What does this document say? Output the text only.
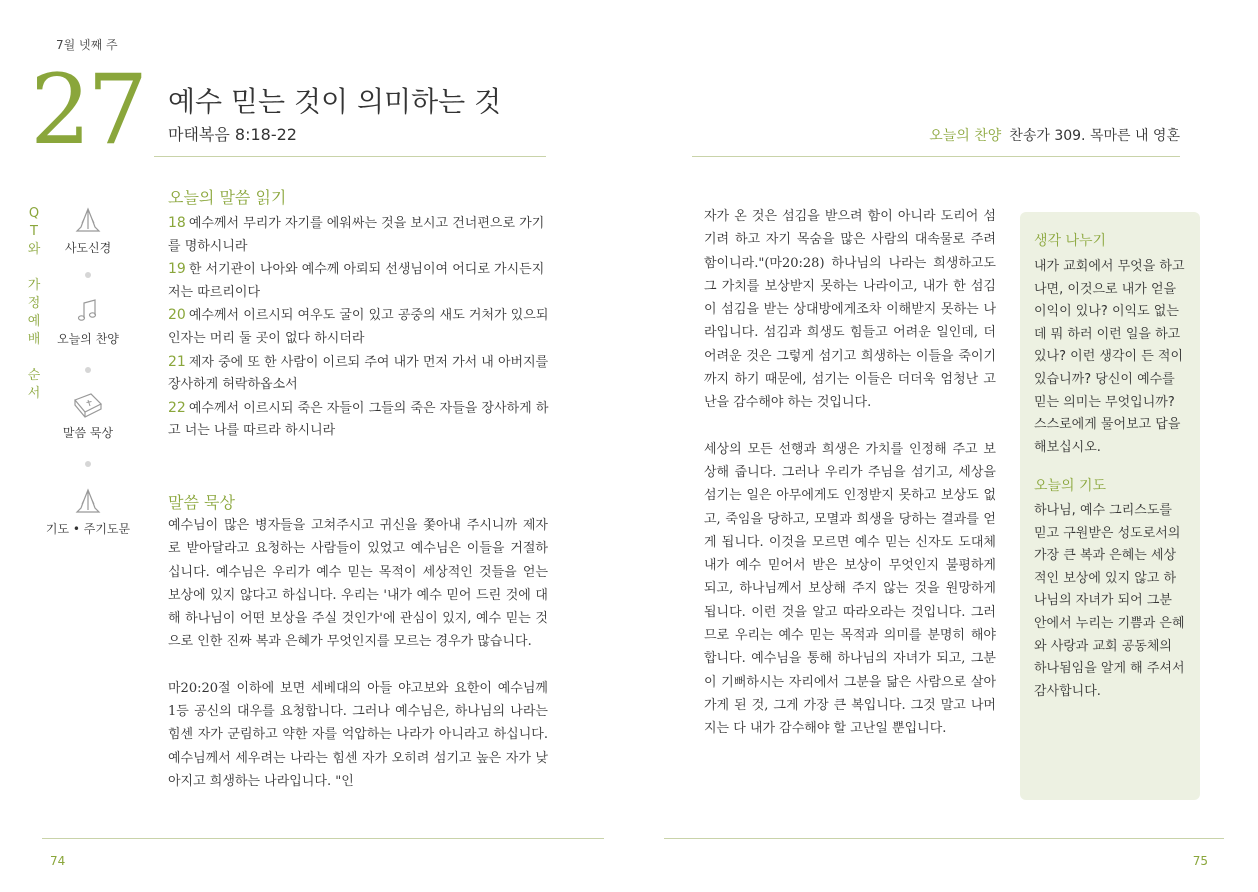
7월 넷째 주
27 예수 믿는 것이 의미하는 것
마태복음 8:18-22	오늘의 찬양 찬송가 309. 목마른 내 영혼
Q
T
와

가
정
예
배

순
서
사도신경
오늘의 찬양
말씀 묵상
기도 • 주기도문
오늘의 말씀 읽기
18 예수께서 무리가 자기를 에워싸는 것을 보시고 건너편으로 가기를 명하시니라
19 한 서기관이 나아와 예수께 아뢰되 선생님이여 어디로 가시든지 저는 따르리이다
20 예수께서 이르시되 여우도 굴이 있고 공중의 새도 거처가 있으되 인자는 머리 둘 곳이 없다 하시더라
21 제자 중에 또 한 사람이 이르되 주여 내가 먼저 가서 내 아버지를 장사하게 허락하옵소서
22 예수께서 이르시되 죽은 자들이 그들의 죽은 자들을 장사하게 하고 너는 나를 따르라 하시니라
말씀 묵상

예수님이 많은 병자들을 고쳐주시고 귀신을 쫓아내 주시니까 제자로 받아달라고 요청하는 사람들이 있었고 예수님은 이들을 거절하십니다. 예수님은 우리가 예수 믿는 목적이 세상적인 것들을 얻는 보상에 있지 않다고 하십니다. 우리는 '내가 예수 믿어 드린 것에 대해 하나님이 어떤 보상을 주실 것인가'에 관심이 있지, 예수 믿는 것으로 인한 진짜 복과 은혜가 무엇인지를 모르는 경우가 많습니다.

마20:20절 이하에 보면 세베대의 아들 야고보와 요한이 예수님께 1등 공신의 대우를 요청합니다. 그러나 예수님은, 하나님의 나라는 힘센 자가 군림하고 약한 자를 억압하는 나라가 아니라고 하십니다. 예수님께서 세우려는 나라는 힘센 자가 오히려 섬기고 높은 자가 낮아지고 희생하는 나라입니다. "인

자가 온 것은 섬김을 받으려 함이 아니라 도리어 섬기려 하고 자기 목숨을 많은 사람의 대속물로 주려 함이니라."(마20:28) 하나님의 나라는 희생하고도 그 가치를 보상받지 못하는 나라이고, 내가 한 섬김이 섬김을 받는 상대방에게조차 이해받지 못하는 나라입니다. 섬김과 희생도 힘들고 어려운 일인데, 더 어려운 것은 그렇게 섬기고 희생하는 이들을 죽이기까지 하기 때문에, 섬기는 이들은 더더욱 엄청난 고난을 감수해야 하는 것입니다.

세상의 모든 선행과 희생은 가치를 인정해 주고 보상해 줍니다. 그러나 우리가 주님을 섬기고, 세상을 섬기는 일은 아무에게도 인정받지 못하고 보상도 없고, 죽임을 당하고, 모멸과 희생을 당하는 결과를 얻게 됩니다. 이것을 모르면 예수 믿는 신자도 도대체 내가 예수 믿어서 받은 보상이 무엇인지 불평하게 되고, 하나님께서 보상해 주지 않는 것을 원망하게 됩니다. 이런 것을 알고 따라오라는 것입니다. 그러므로 우리는 예수 믿는 목적과 의미를 분명히 해야 합니다. 예수님을 통해 하나님의 자녀가 되고, 그분이 기뻐하시는 자리에서 그분을 닮은 사람으로 살아가게 된 것, 그게 가장 큰 복입니다. 그것 말고 나머지는 다 내가 감수해야 할 고난일 뿐입니다.

생각 나누기
내가 교회에서 무엇을 하고 나면, 이것으로 내가 얻을 이익이 있나? 이익도 없는데 뭐 하러 이런 일을 하고 있나? 이런 생각이 든 적이 있습니까? 당신이 예수를 믿는 의미는 무엇입니까? 스스로에게 물어보고 답을 해보십시오.
오늘의 기도
하나님, 예수 그리스도를 믿고 구원받은 성도로서의 가장 큰 복과 은혜는 세상적인 보상에 있지 않고 하나님의 자녀가 되어 그분 안에서 누리는 기쁨과 은혜와 사랑과 교회 공동체의 하나됨임을 알게 해 주셔서 감사합니다.
74	75
